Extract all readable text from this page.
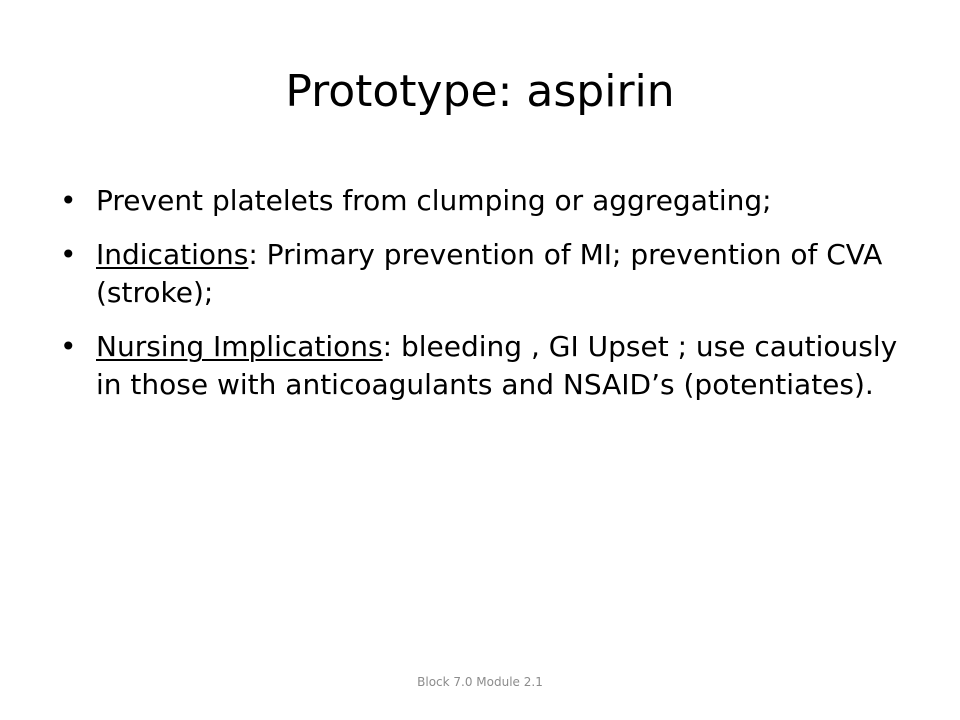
Prototype: aspirin
• Prevent platelets from clumping or aggregating;
• Indications: Primary prevention of MI; prevention of CVA (stroke);
• Nursing Implications: bleeding , GI Upset ; use cautiously in those with anticoagulants and NSAID’s (potentiates).
Block 7.0 Module 2.1
